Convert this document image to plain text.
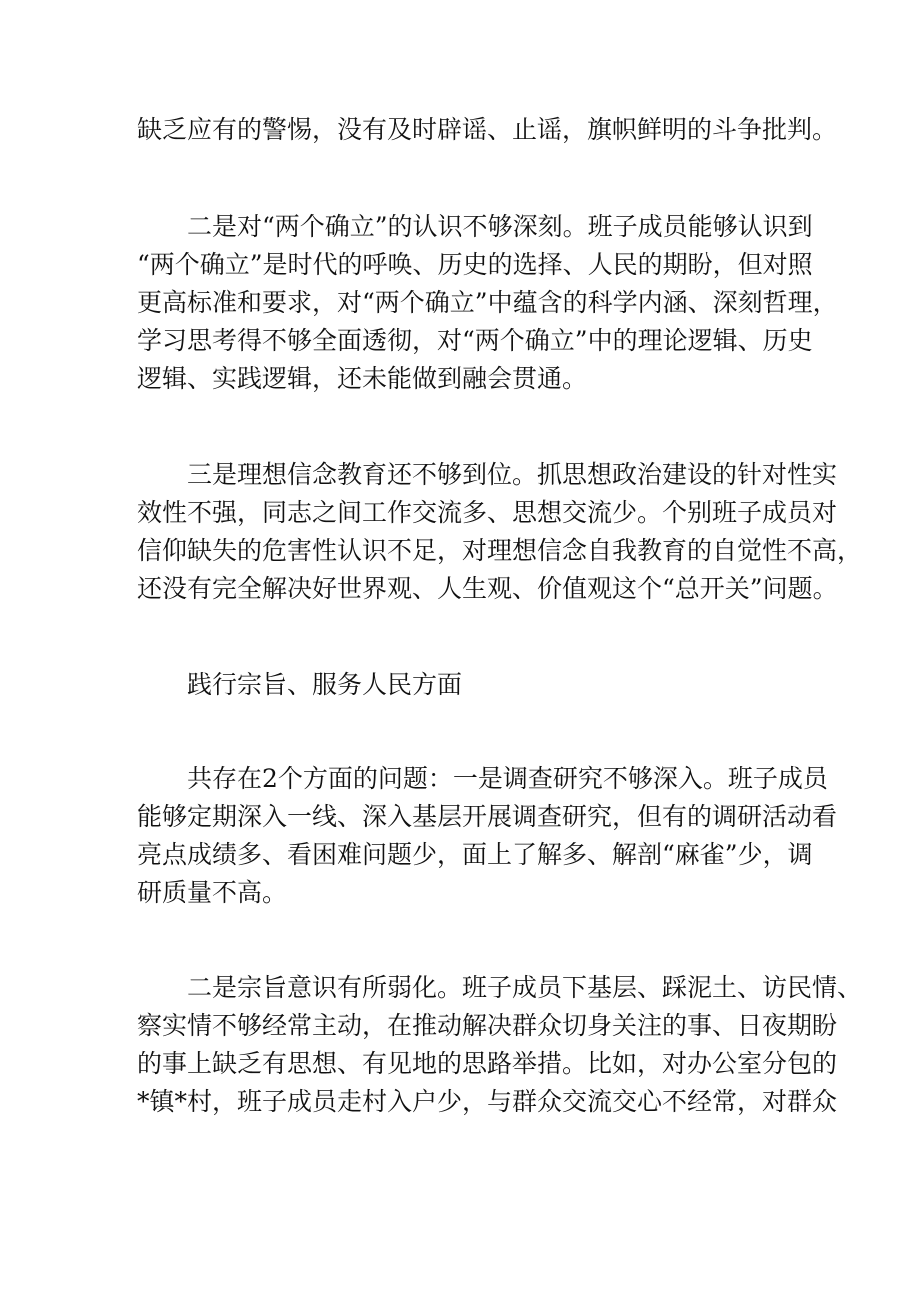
缺乏应有的警惕，没有及时辟谣、止谣，旗帜鲜明的斗争批判。
二是对“两个确立”的认识不够深刻。班子成员能够认识到
“两个确立”是时代的呼唤、历史的选择、人民的期盼，但对照
更高标准和要求，对“两个确立”中蕴含的科学内涵、深刻哲理，
学习思考得不够全面透彻，对“两个确立”中的理论逻辑、历史
逻辑、实践逻辑，还未能做到融会贯通。
三是理想信念教育还不够到位。抓思想政治建设的针对性实
效性不强，同志之间工作交流多、思想交流少。个别班子成员对
信仰缺失的危害性认识不足，对理想信念自我教育的自觉性不高，
还没有完全解决好世界观、人生观、价值观这个“总开关”问题。
践行宗旨、服务人民方面
共存在2个方面的问题：一是调查研究不够深入。班子成员
能够定期深入一线、深入基层开展调查研究，但有的调研活动看
亮点成绩多、看困难问题少，面上了解多、解剖“麻雀”少，调
研质量不高。
二是宗旨意识有所弱化。班子成员下基层、踩泥土、访民情、
察实情不够经常主动，在推动解决群众切身关注的事、日夜期盼
的事上缺乏有思想、有见地的思路举措。比如，对办公室分包的
*镇*村，班子成员走村入户少，与群众交流交心不经常，对群众
